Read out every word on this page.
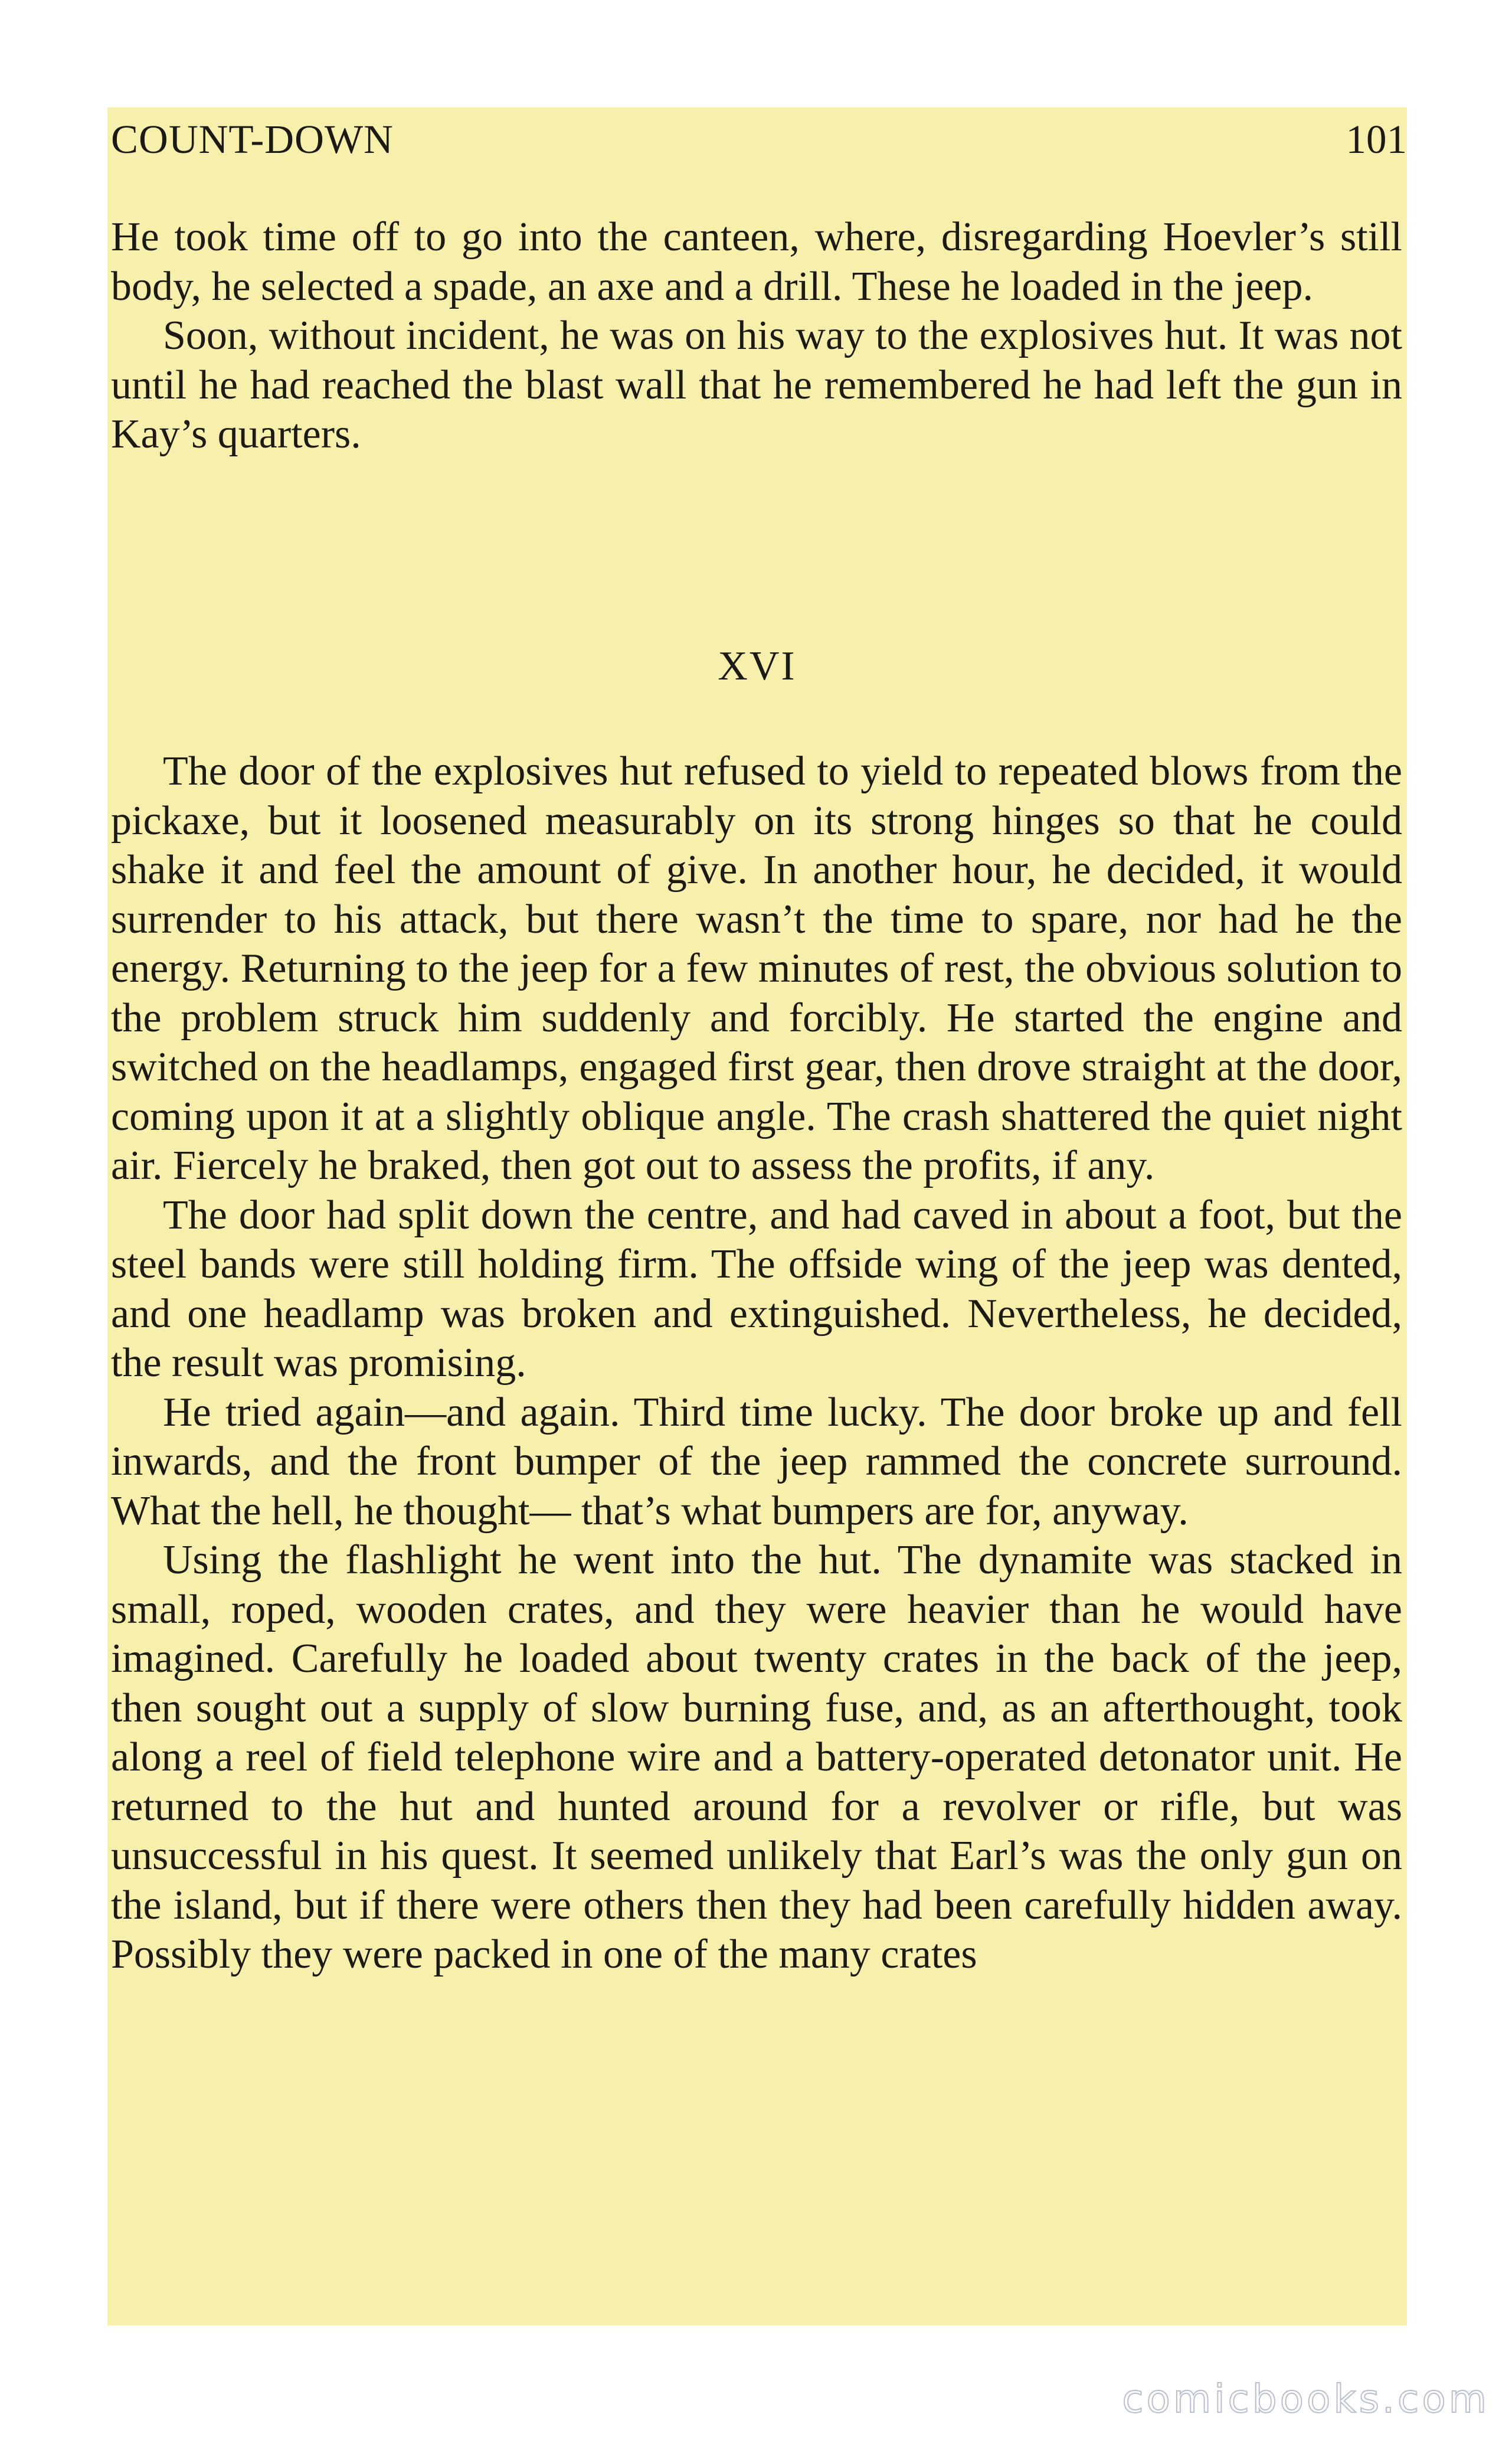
COUNT-DOWN	101

He took time off to go into the canteen, where, disregarding Hoevler’s still body, he selected a spade, an axe and a drill. These he loaded in the jeep.

Soon, without incident, he was on his way to the explosives hut. It was not until he had reached the blast wall that he remembered he had left the gun in Kay’s quarters.

XVI

The door of the explosives hut refused to yield to repeated blows from the pickaxe, but it loosened measurably on its strong hinges so that he could shake it and feel the amount of give. In another hour, he decided, it would surrender to his attack, but there wasn’t the time to spare, nor had he the energy. Returning to the jeep for a few minutes of rest, the obvious solution to the problem struck him suddenly and forcibly. He started the engine and switched on the headlamps, engaged first gear, then drove straight at the door, coming upon it at a slightly oblique angle. The crash shattered the quiet night air. Fiercely he braked, then got out to assess the profits, if any.

The door had split down the centre, and had caved in about a foot, but the steel bands were still holding firm. The offside wing of the jeep was dented, and one headlamp was broken and extinguished. Nevertheless, he decided, the result was promising.

He tried again—and again. Third time lucky. The door broke up and fell inwards, and the front bumper of the jeep rammed the concrete surround. What the hell, he thought— that’s what bumpers are for, anyway.

Using the flashlight he went into the hut. The dynamite was stacked in small, roped, wooden crates, and they were heavier than he would have imagined. Carefully he loaded about twenty crates in the back of the jeep, then sought out a supply of slow burning fuse, and, as an afterthought, took along a reel of field telephone wire and a battery-operated detonator unit. He returned to the hut and hunted around for a revolver or rifle, but was unsuccessful in his quest. It seemed unlikely that Earl’s was the only gun on the island, but if there were others then they had been carefully hidden away. Possibly they were packed in one of the many crates

comicbooks.com
